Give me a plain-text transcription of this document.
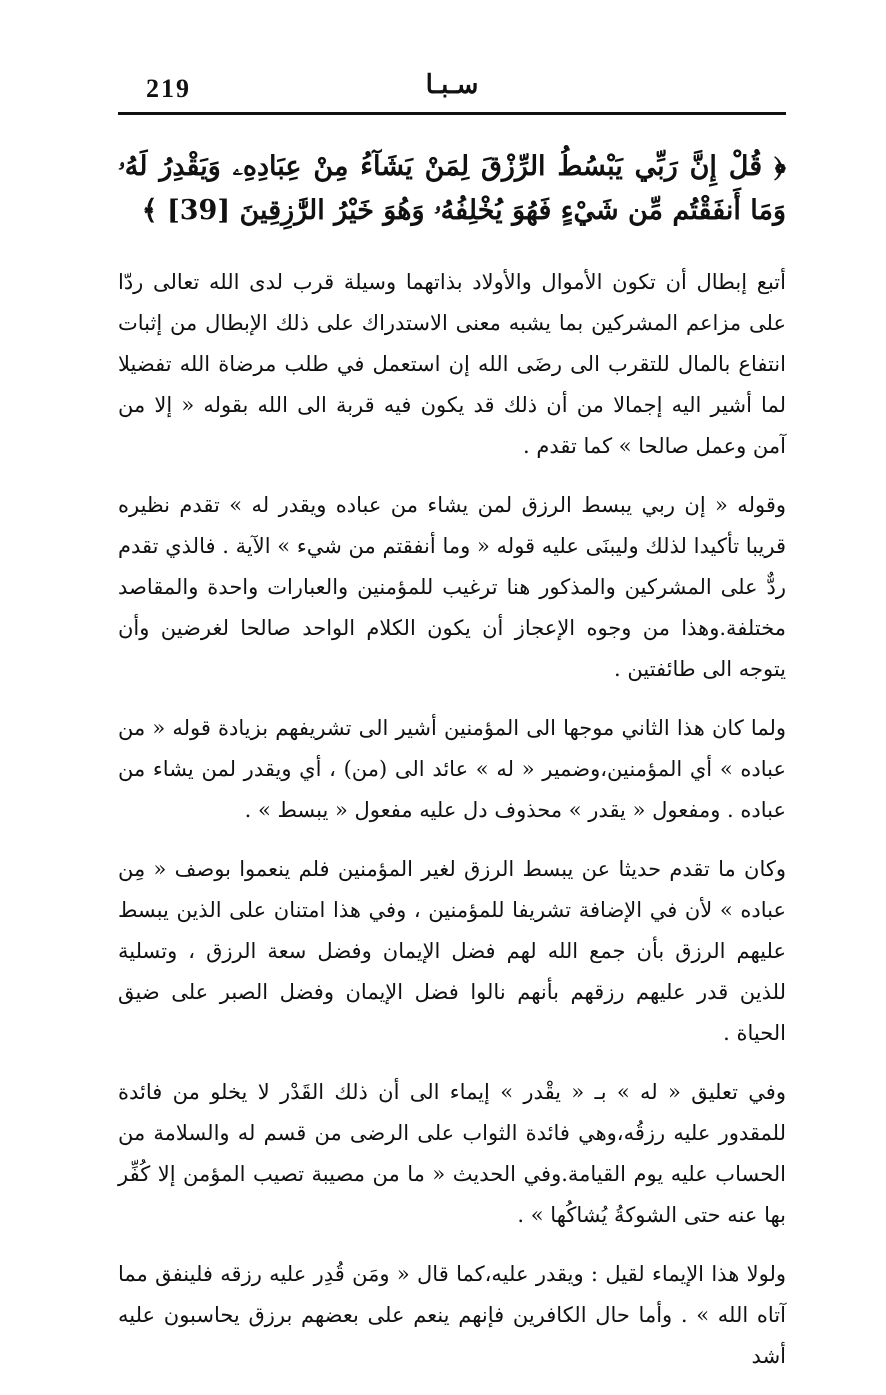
219	سـبـا
﴿ قُلْ إِنَّ رَبِّي يَبْسُطُ الرِّزْقَ لِمَنْ يَشَآءُ مِنْ عِبَادِهِۦ وَيَقْدِرُ لَهُۥ وَمَا أَنفَقْتُم مِّن شَيْءٍ فَهُوَ يُخْلِفُهُۥ وَهُوَ خَيْرُ الرَّٰزِقِينَ [39] ﴾

أتبع إبطال أن تكون الأموال والأولاد بذاتهما وسيلة قرب لدى الله تعالى ردّا على مزاعم المشركين بما يشبه معنى الاستدراك على ذلك الإبطال من إثبات انتفاع بالمال للتقرب الى رضَى الله إن استعمل في طلب مرضاة الله تفضيلا لما أشير اليه إجمالا من أن ذلك قد يكون فيه قربة الى الله بقوله « إلا من آمن وعمل صالحا » كما تقدم .

وقوله « إن ربي يبسط الرزق لمن يشاء من عباده ويقدر له » تقدم نظيره قريبا تأكيدا لذلك وليبنَى عليه قوله « وما أنفقتم من شيء » الآية . فالذي تقدم ردٌّ على المشركين والمذكور هنا ترغيب للمؤمنين والعبارات واحدة والمقاصد مختلفة.وهذا من وجوه الإعجاز أن يكون الكلام الواحد صالحا لغرضين وأن يتوجه الى طائفتين .

ولما كان هذا الثاني موجها الى المؤمنين أشير الى تشريفهم بزيادة قوله « من عباده » أي المؤمنين،وضمير « له » عائد الى (من) ، أي ويقدر لمن يشاء من عباده . ومفعول « يقدر » محذوف دل عليه مفعول « يبسط » .

وكان ما تقدم حديثا عن يبسط الرزق لغير المؤمنين فلم ينعموا بوصف « مِن عباده » لأن في الإضافة تشريفا للمؤمنين ، وفي هذا امتنان على الذين يبسط عليهم الرزق بأن جمع الله لهم فضل الإيمان وفضل سعة الرزق ، وتسلية للذين قدر عليهم رزقهم بأنهم نالوا فضل الإيمان وفضل الصبر على ضيق الحياة .

وفي تعليق « له » بـ « يقْدر » إيماء الى أن ذلك القَدْر لا يخلو من فائدة للمقدور عليه رزقُه،وهي فائدة الثواب على الرضى من قسم له والسلامة من الحساب عليه يوم القيامة.وفي الحديث « ما من مصيبة تصيب المؤمن إلا كُفِّر بها عنه حتى الشوكةُ يُشاكُها » .

ولولا هذا الإيماء لقيل : ويقدر عليه،كما قال « ومَن قُدِر عليه رزقه فلينفق مما آتاه الله » . وأما حال الكافرين فإنهم ينعم على بعضهم برزق يحاسبون عليه أشد
